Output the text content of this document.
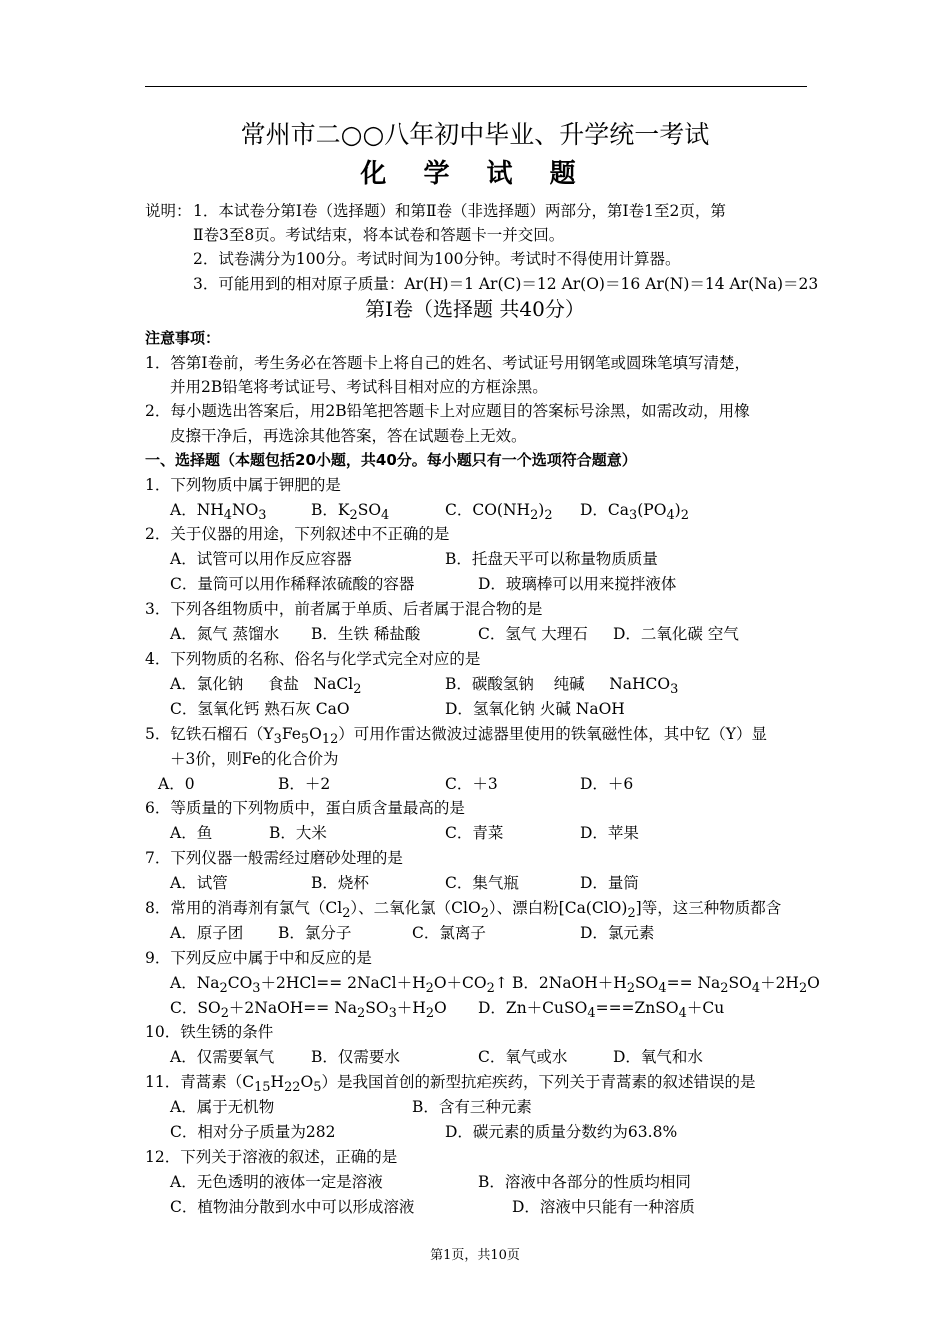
常州市二○○八年初中毕业、升学统一考试
化 学 试 题
说明： 1．本试卷分第Ⅰ卷（选择题）和第Ⅱ卷（非选择题）两部分，第Ⅰ卷1至2页，第
Ⅱ卷3至8页。考试结束，将本试卷和答题卡一并交回。
2．试卷满分为100分。考试时间为100分钟。考试时不得使用计算器。
3．可能用到的相对原子质量：Ar(H)＝1 Ar(C)＝12 Ar(O)＝16 Ar(N)＝14 Ar(Na)＝23
第Ⅰ卷（选择题 共40分）
注意事项：
1．答第Ⅰ卷前，考生务必在答题卡上将自己的姓名、考试证号用钢笔或圆珠笔填写清楚，
并用2B铅笔将考试证号、考试科目相对应的方框涂黑。
2．每小题选出答案后，用2B铅笔把答题卡上对应题目的答案标号涂黑，如需改动，用橡
皮擦干净后，再选涂其他答案，答在试题卷上无效。
一、选择题（本题包括20小题，共40分。每小题只有一个选项符合题意）
1．下列物质中属于钾肥的是
A．$NH_4NO_3$	B．$K_2SO_4$	C．$CO(NH_2)_2$ D．$Ca_3(PO_4)_2$
2．关于仪器的用途，下列叙述中不正确的是
A．试管可以用作反应容器	B．托盘天平可以称量物质质量
C．量筒可以用作稀释浓硫酸的容器	D．玻璃棒可以用来搅拌液体
3．下列各组物质中，前者属于单质、后者属于混合物的是
A．氮气 蒸馏水 B．生铁 稀盐酸	C．氢气 大理石 D．二氧化碳 空气
4．下列物质的名称、俗名与化学式完全对应的是
A．氯化钠     食盐   NaCl$_2$	B．碳酸氢钠    纯碱     NaHCO$_3$
C．氢氧化钙 熟石灰 CaO	D．氢氧化钠 火碱 NaOH
5．钇铁石榴石$(Y_3Fe_5O_{12})$可用作雷达微波过滤器里使用的铁氧磁性体，其中钇（Y）显
＋3价，则Fe的化合价为
A．0	B．＋2	C．＋3	D．＋6
6．等质量的下列物质中，蛋白质含量最高的是
A．鱼	B．大米	C．青菜	D．苹果
7．下列仪器一般需经过磨砂处理的是
A．试管	B．烧杯	C．集气瓶	D．量筒
8．常用的消毒剂有氯气$(Cl_2)$、二氧化氯（ClO$_2$）、漂白粉$[Ca(ClO)_2]$等，这三种物质都含
A．原子团 B．氯分子	C．氯离子	D．氯元素
9．下列反应中属于中和反应的是
A．$Na_2CO_3+2HCl==$ $2NaCl+H_2O+CO_2↑$ B．$2NaOH+H_2SO_4== Na_2SO_4+2H_2O$
C．$SO_2+2NaOH== Na_2SO_3+H_2O$ D．Zn＋CuSO$_4$===ZnSO$_4$＋Cu
10．铁生锈的条件
A．仅需要氧气 B．仅需要水	C．氧气或水	D．氧气和水
11．青蒿素$(C_{15}H_{22}O_5)$是我国首创的新型抗疟疾药，下列关于青蒿素的叙述错误的是
A．属于无机物	B．含有三种元素
C．相对分子质量为282	D．碳元素的质量分数约为63.8%
12．下列关于溶液的叙述，正确的是
A．无色透明的液体一定是溶液	B．溶液中各部分的性质均相同
C．植物油分散到水中可以形成溶液	D．溶液中只能有一种溶质
第1页，共10页
